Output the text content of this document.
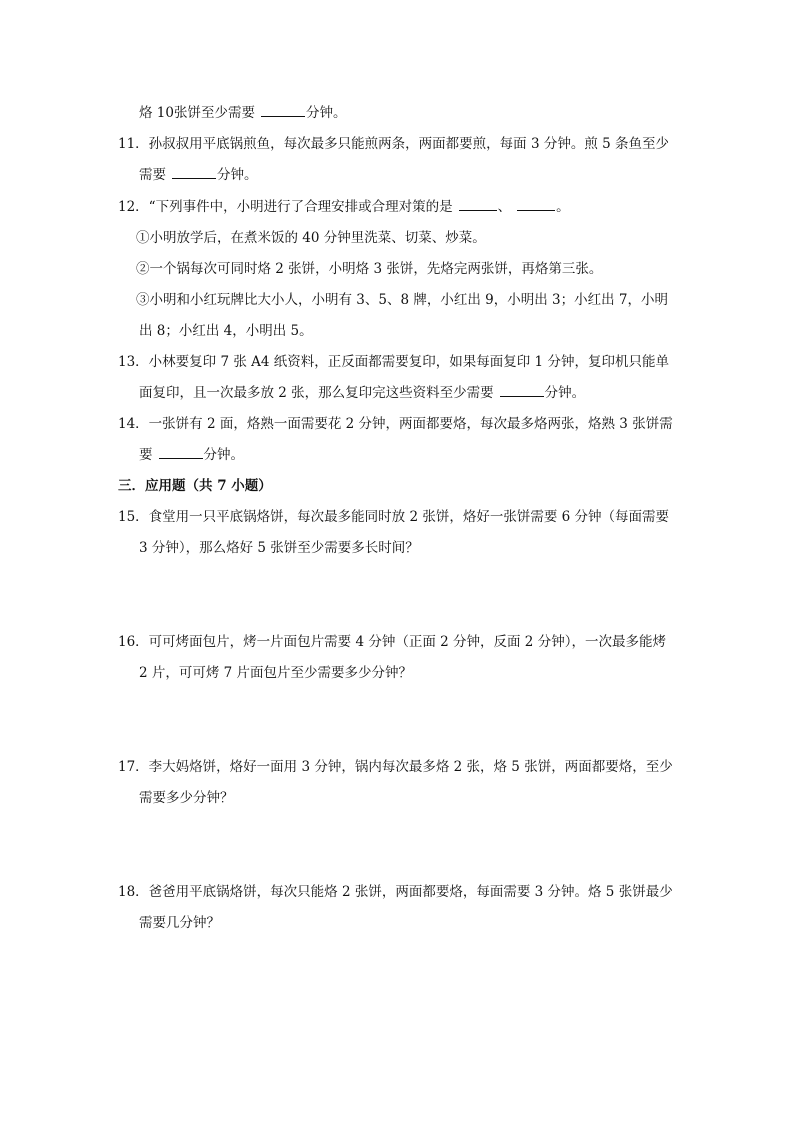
烙 10张饼至少需要	分钟。
11．孙叔叔用平底锅煎鱼，每次最多只能煎两条，两面都要煎，每面 3 分钟。煎 5 条鱼至少
需要	分钟。
12．“下列事件中，小明进行了合理安排或合理对策的是	、	。
①小明放学后，在煮米饭的 40 分钟里洗菜、切菜、炒菜。
②一个锅每次可同时烙 2 张饼，小明烙 3 张饼，先烙完两张饼，再烙第三张。
③小明和小红玩牌比大小人，小明有 3、5、8 牌，小红出 9，小明出 3；小红出 7，小明
出 8；小红出 4，小明出 5。
13．小林要复印 7 张 A4 纸资料，正反面都需要复印，如果每面复印 1 分钟，复印机只能单
面复印，且一次最多放 2 张，那么复印完这些资料至少需要	分钟。
14．一张饼有 2 面，烙熟一面需要花 2 分钟，两面都要烙，每次最多烙两张，烙熟 3 张饼需
要	分钟。
三．应用题（共 7 小题）
15．食堂用一只平底锅烙饼，每次最多能同时放 2 张饼，烙好一张饼需要 6 分钟（每面需要
3 分钟），那么烙好 5 张饼至少需要多长时间？
16．可可烤面包片，烤一片面包片需要 4 分钟（正面 2 分钟，反面 2 分钟），一次最多能烤
2 片，可可烤 7 片面包片至少需要多少分钟？
17．李大妈烙饼，烙好一面用 3 分钟，锅内每次最多烙 2 张，烙 5 张饼，两面都要烙，至少
需要多少分钟？
18．爸爸用平底锅烙饼，每次只能烙 2 张饼，两面都要烙，每面需要 3 分钟。烙 5 张饼最少
需要几分钟？
